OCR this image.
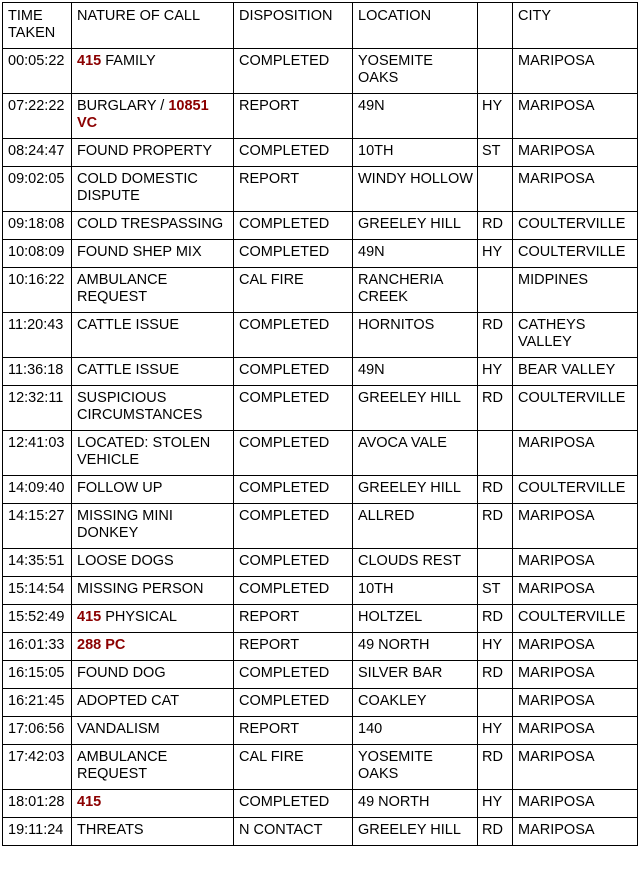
TIME TAKEN	NATURE OF CALL	DISPOSITION	LOCATION		CITY
00:05:22	415 FAMILY	COMPLETED	YOSEMITE OAKS		MARIPOSA
07:22:22	BURGLARY / 10851 VC	REPORT	49N	HY	MARIPOSA
08:24:47	FOUND PROPERTY	COMPLETED	10TH	ST	MARIPOSA
09:02:05	COLD DOMESTIC DISPUTE	REPORT	WINDY HOLLOW		MARIPOSA
09:18:08	COLD TRESPASSING	COMPLETED	GREELEY HILL	RD	COULTERVILLE
10:08:09	FOUND SHEP MIX	COMPLETED	49N	HY	COULTERVILLE
10:16:22	AMBULANCE REQUEST	CAL FIRE	RANCHERIA CREEK		MIDPINES
11:20:43	CATTLE ISSUE	COMPLETED	HORNITOS	RD	CATHEYS VALLEY
11:36:18	CATTLE ISSUE	COMPLETED	49N	HY	BEAR VALLEY
12:32:11	SUSPICIOUS CIRCUMSTANCES	COMPLETED	GREELEY HILL	RD	COULTERVILLE
12:41:03	LOCATED: STOLEN VEHICLE	COMPLETED	AVOCA VALE		MARIPOSA
14:09:40	FOLLOW UP	COMPLETED	GREELEY HILL	RD	COULTERVILLE
14:15:27	MISSING MINI DONKEY	COMPLETED	ALLRED	RD	MARIPOSA
14:35:51	LOOSE DOGS	COMPLETED	CLOUDS REST		MARIPOSA
15:14:54	MISSING PERSON	COMPLETED	10TH	ST	MARIPOSA
15:52:49	415 PHYSICAL	REPORT	HOLTZEL	RD	COULTERVILLE
16:01:33	288 PC	REPORT	49 NORTH	HY	MARIPOSA
16:15:05	FOUND DOG	COMPLETED	SILVER BAR	RD	MARIPOSA
16:21:45	ADOPTED CAT	COMPLETED	COAKLEY		MARIPOSA
17:06:56	VANDALISM	REPORT	140	HY	MARIPOSA
17:42:03	AMBULANCE REQUEST	CAL FIRE	YOSEMITE OAKS	RD	MARIPOSA
18:01:28	415	COMPLETED	49 NORTH	HY	MARIPOSA
19:11:24	THREATS	N CONTACT	GREELEY HILL	RD	MARIPOSA
